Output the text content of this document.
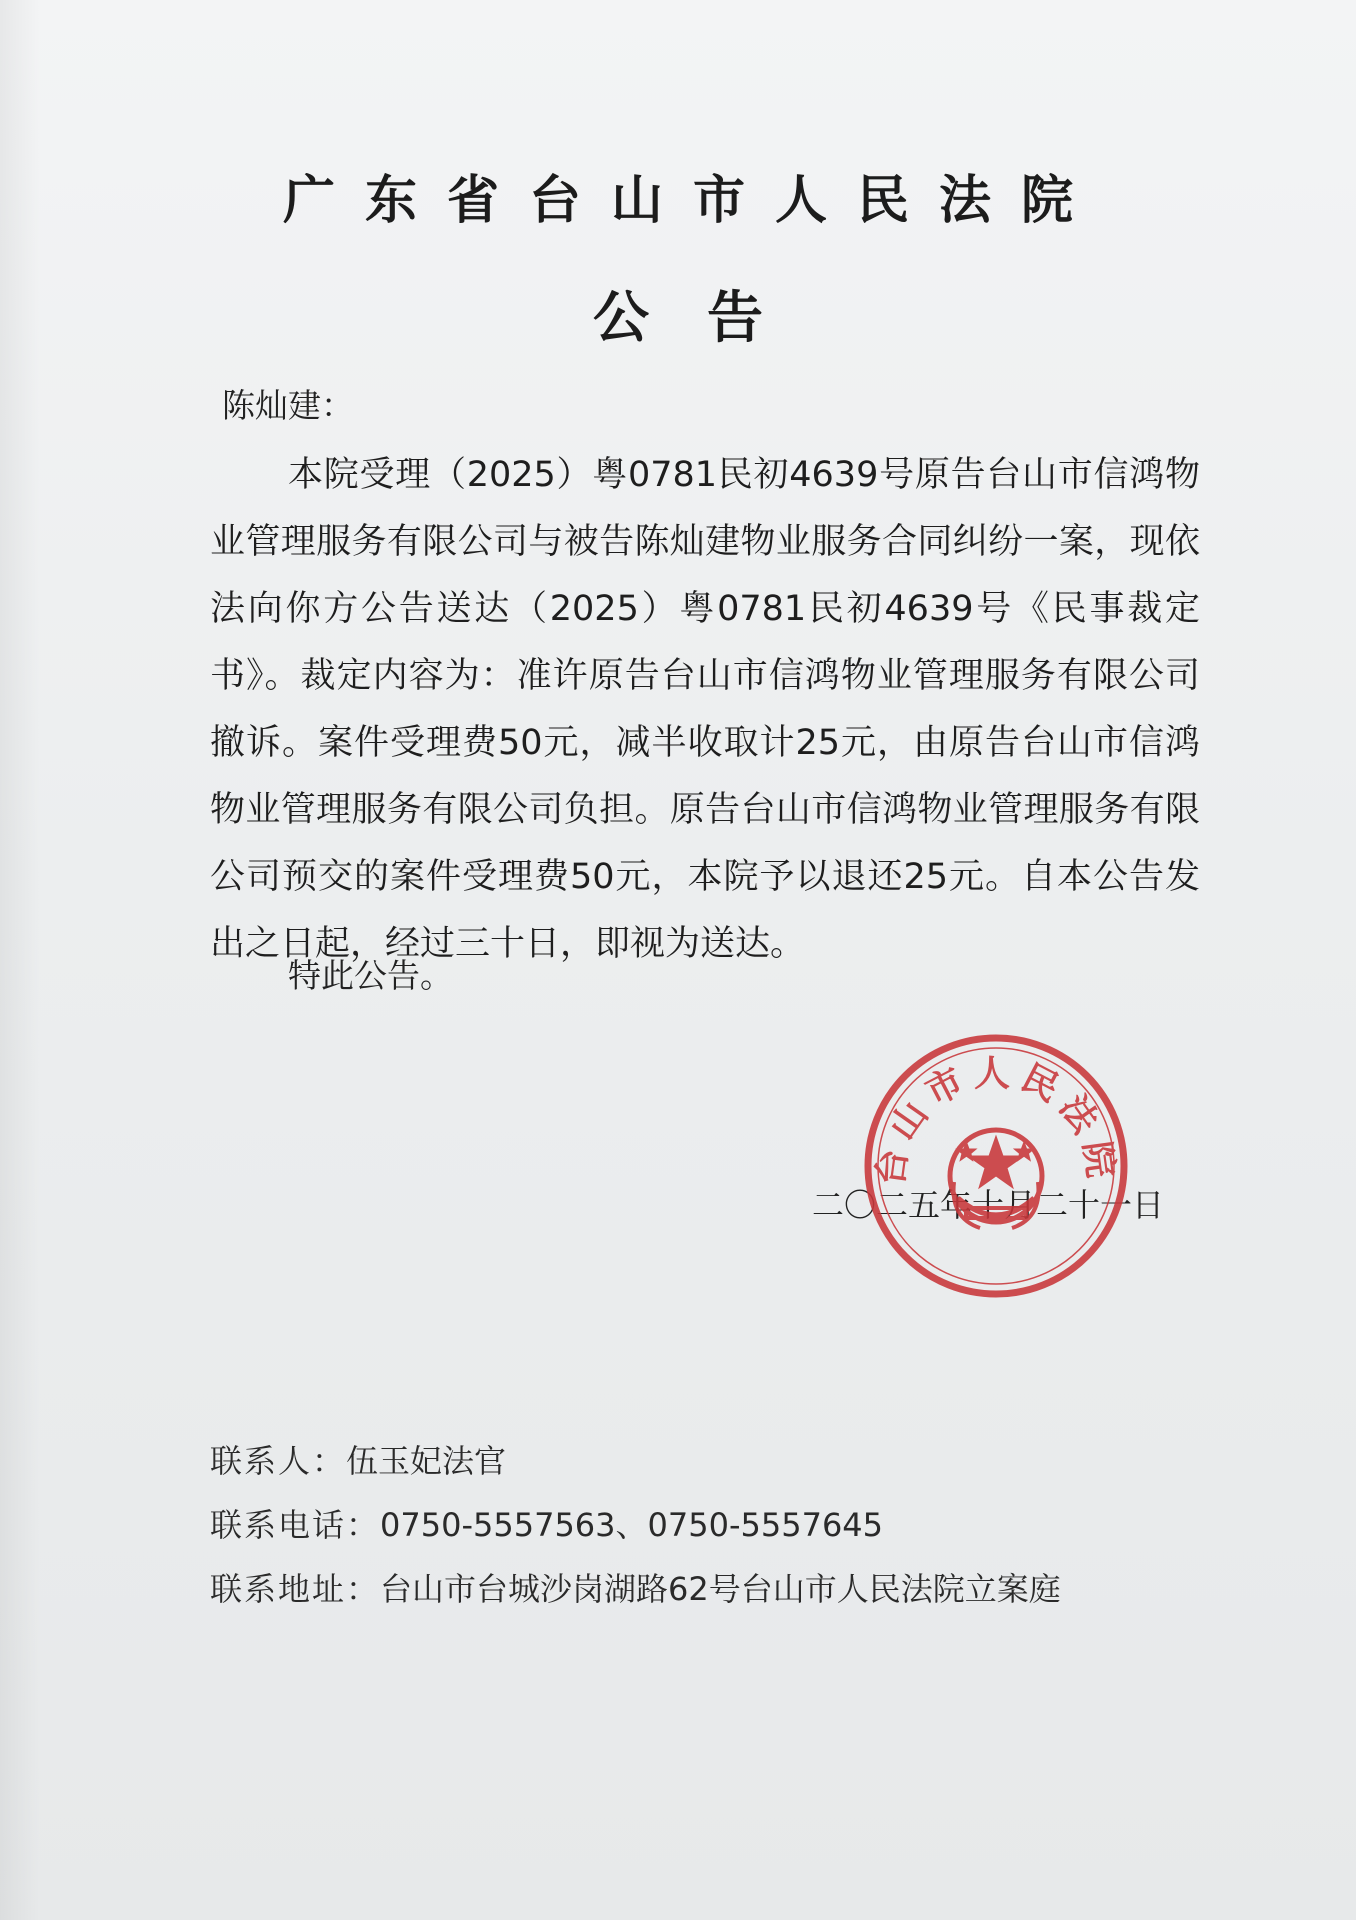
广东省台山市人民法院
公告
陈灿建：

本院受理（2025）粤0781民初4639号原告台山市信鸿物业管理服务有限公司与被告陈灿建物业服务合同纠纷一案，现依法向你方公告送达（2025）粤0781民初4639号《民事裁定书》。裁定内容为：准许原告台山市信鸿物业管理服务有限公司撤诉。案件受理费50元，减半收取计25元，由原告台山市信鸿物业管理服务有限公司负担。原告台山市信鸿物业管理服务有限公司预交的案件受理费50元，本院予以退还25元。自本公告发出之日起，经过三十日，即视为送达。

特此公告。
二〇二五年十月二十一日
台山市人民法院
联系人：伍玉妃法官
联系电话：0750-5557563、0750-5557645
联系地址：台山市台城沙岗湖路62号台山市人民法院立案庭
